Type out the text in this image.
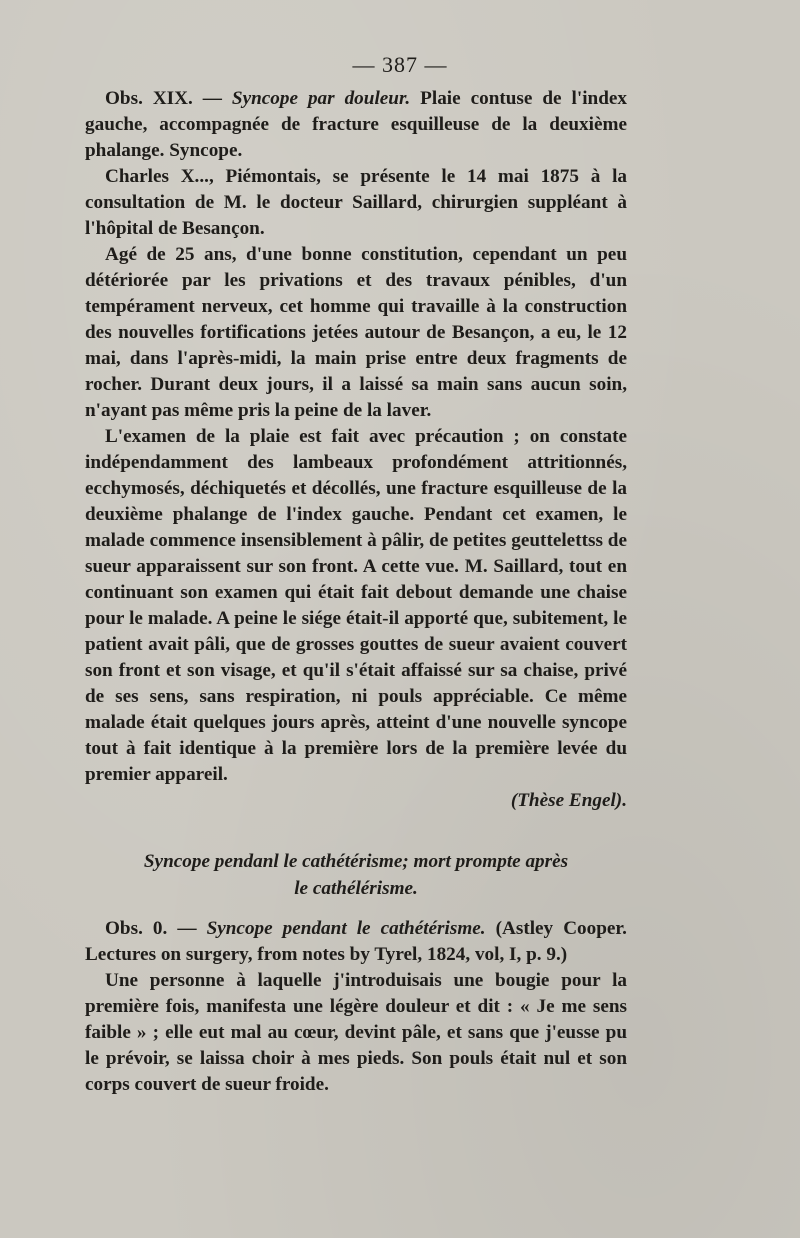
— 387 —

Obs. XIX. — Syncope par douleur. Plaie contuse de l'index gauche, accompagnée de fracture esquilleuse de la deuxième phalange. Syncope.

Charles X..., Piémontais, se présente le 14 mai 1875 à la consultation de M. le docteur Saillard, chirurgien suppléant à l'hôpital de Besançon.

Agé de 25 ans, d'une bonne constitution, cependant un peu détériorée par les privations et des travaux pénibles, d'un tempérament nerveux, cet homme qui travaille à la construction des nouvelles fortifications jetées autour de Besançon, a eu, le 12 mai, dans l'après-midi, la main prise entre deux fragments de rocher. Durant deux jours, il a laissé sa main sans aucun soin, n'ayant pas même pris la peine de la laver.

L'examen de la plaie est fait avec précaution ; on constate indépendamment des lambeaux profondément attritionnés, ecchymosés, déchiquetés et décollés, une fracture esquilleuse de la deuxième phalange de l'index gauche. Pendant cet examen, le malade commence insensiblement à pâlir, de petites geuttelettss de sueur apparaissent sur son front. A cette vue. M. Saillard, tout en continuant son examen qui était fait debout demande une chaise pour le malade. A peine le siége était-il apporté que, subitement, le patient avait pâli, que de grosses gouttes de sueur avaient couvert son front et son visage, et qu'il s'était affaissé sur sa chaise, privé de ses sens, sans respiration, ni pouls appréciable. Ce même malade était quelques jours après, atteint d'une nouvelle syncope tout à fait identique à la première lors de la première levée du premier appareil.

(Thèse Engel).

Syncope pendanl le cathétérisme; mort prompte après
le cathélérisme.

Obs. 0. — Syncope pendant le cathétérisme. (Astley Cooper. Lectures on surgery, from notes by Tyrel, 1824, vol, I, p. 9.)

Une personne à laquelle j'introduisais une bougie pour la première fois, manifesta une légère douleur et dit : « Je me sens faible » ; elle eut mal au cœur, devint pâle, et sans que j'eusse pu le prévoir, se laissa choir à mes pieds. Son pouls était nul et son corps couvert de sueur froide.
